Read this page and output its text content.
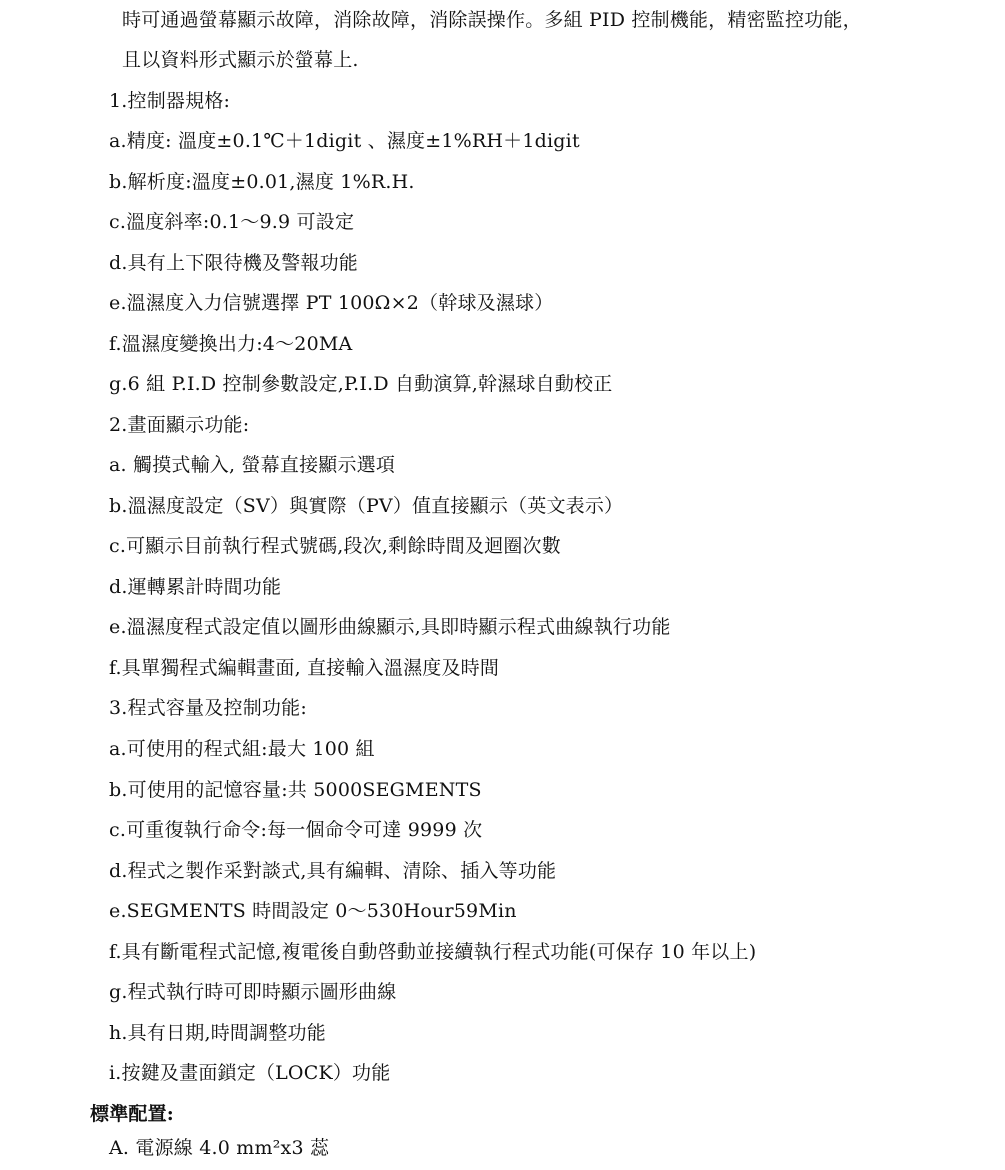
時可通過螢幕顯示故障，消除故障，消除誤操作。多組 PID 控制機能，精密監控功能，
且以資料形式顯示於螢幕上.
1.控制器規格:
a.精度: 溫度±0.1℃＋1digit 、濕度±1%RH＋1digit
b.解析度:溫度±0.01,濕度 1%R.H.
c.溫度斜率:0.1～9.9 可設定
d.具有上下限待機及警報功能
e.溫濕度入力信號選擇 PT 100Ω×2（幹球及濕球）
f.溫濕度變換出力:4～20MA
g.6 組 P.I.D 控制參數設定,P.I.D 自動演算,幹濕球自動校正
2.畫面顯示功能:
a. 觸摸式輸入, 螢幕直接顯示選項
b.溫濕度設定（SV）與實際（PV）值直接顯示（英文表示）
c.可顯示目前執行程式號碼,段次,剩餘時間及迴圈次數
d.運轉累計時間功能
e.溫濕度程式設定值以圖形曲線顯示,具即時顯示程式曲線執行功能
f.具單獨程式編輯畫面, 直接輸入溫濕度及時間
3.程式容量及控制功能:
a.可使用的程式組:最大 100 組
b.可使用的記憶容量:共 5000SEGMENTS
c.可重復執行命令:每一個命令可達 9999 次
d.程式之製作采對談式,具有編輯、清除、插入等功能
e.SEGMENTS 時間設定 0～530Hour59Min
f.具有斷電程式記憶,複電後自動啓動並接續執行程式功能(可保存 10 年以上)
g.程式執行時可即時顯示圖形曲線
h.具有日期,時間調整功能
i.按鍵及畫面鎖定（LOCK）功能
標準配置:
A. 電源線 4.0 mm²x3 蕊
